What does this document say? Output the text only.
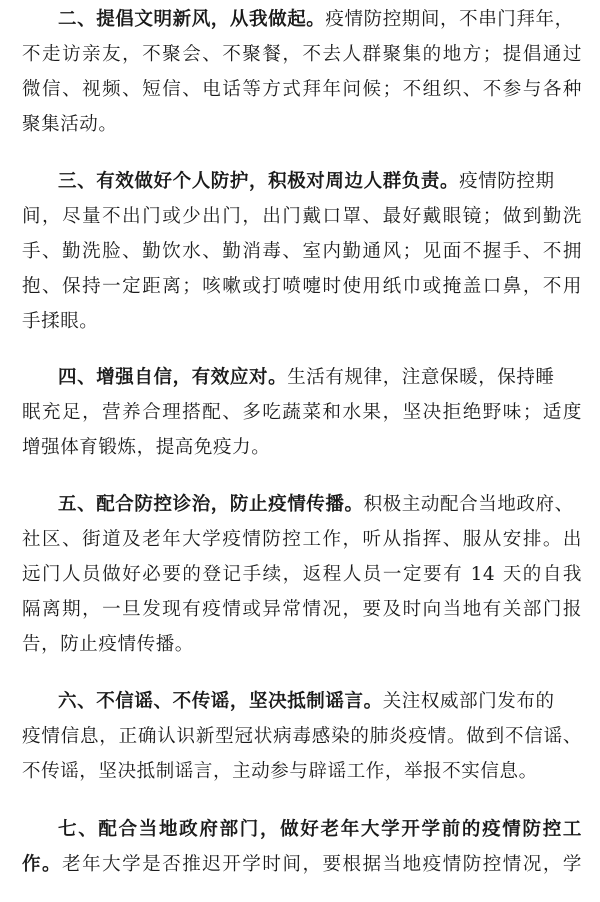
二、提倡文明新风，从我做起。疫情防控期间，不串门拜年，
不走访亲友，不聚会、不聚餐，不去人群聚集的地方；提倡通过
微信、视频、短信、电话等方式拜年问候；不组织、不参与各种
聚集活动。
三、有效做好个人防护，积极对周边人群负责。疫情防控期
间，尽量不出门或少出门，出门戴口罩、最好戴眼镜；做到勤洗
手、勤洗脸、勤饮水、勤消毒、室内勤通风；见面不握手、不拥
抱、保持一定距离；咳嗽或打喷嚏时使用纸巾或掩盖口鼻，不用
手揉眼。
四、增强自信，有效应对。生活有规律，注意保暖，保持睡
眠充足，营养合理搭配、多吃蔬菜和水果，坚决拒绝野味；适度
增强体育锻炼，提高免疫力。
五、配合防控诊治，防止疫情传播。积极主动配合当地政府、
社区、街道及老年大学疫情防控工作，听从指挥、服从安排。出
远门人员做好必要的登记手续，返程人员一定要有 14 天的自我
隔离期，一旦发现有疫情或异常情况，要及时向当地有关部门报
告，防止疫情传播。
六、不信谣、不传谣，坚决抵制谣言。关注权威部门发布的
疫情信息，正确认识新型冠状病毒感染的肺炎疫情。做到不信谣、
不传谣，坚决抵制谣言，主动参与辟谣工作，举报不实信息。
七、配合当地政府部门，做好老年大学开学前的疫情防控工
作。老年大学是否推迟开学时间，要根据当地疫情防控情况，学
